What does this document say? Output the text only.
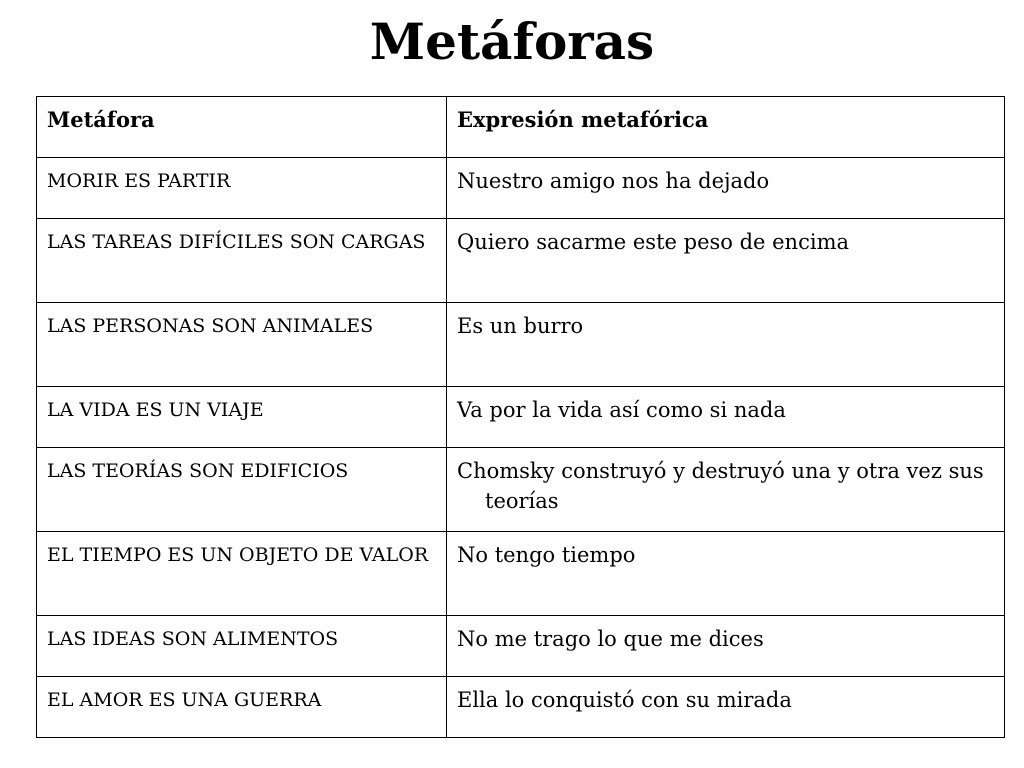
Metáforas
Metáfora	Expresión metafórica

MORIR ES PARTIR	Nuestro amigo nos ha dejado

LAS TAREAS DIFÍCILES SON CARGAS	Quiero sacarme este peso de encima

LAS PERSONAS SON ANIMALES	Es un burro

LA VIDA ES UN VIAJE	Va por la vida así como si nada

LAS TEORÍAS SON EDIFICIOS	Chomsky construyó y destruyó una y otra vez sus teorías

EL TIEMPO ES UN OBJETO DE VALOR	No tengo tiempo

LAS IDEAS SON ALIMENTOS	No me trago lo que me dices

EL AMOR ES UNA GUERRA	Ella lo conquistó con su mirada
